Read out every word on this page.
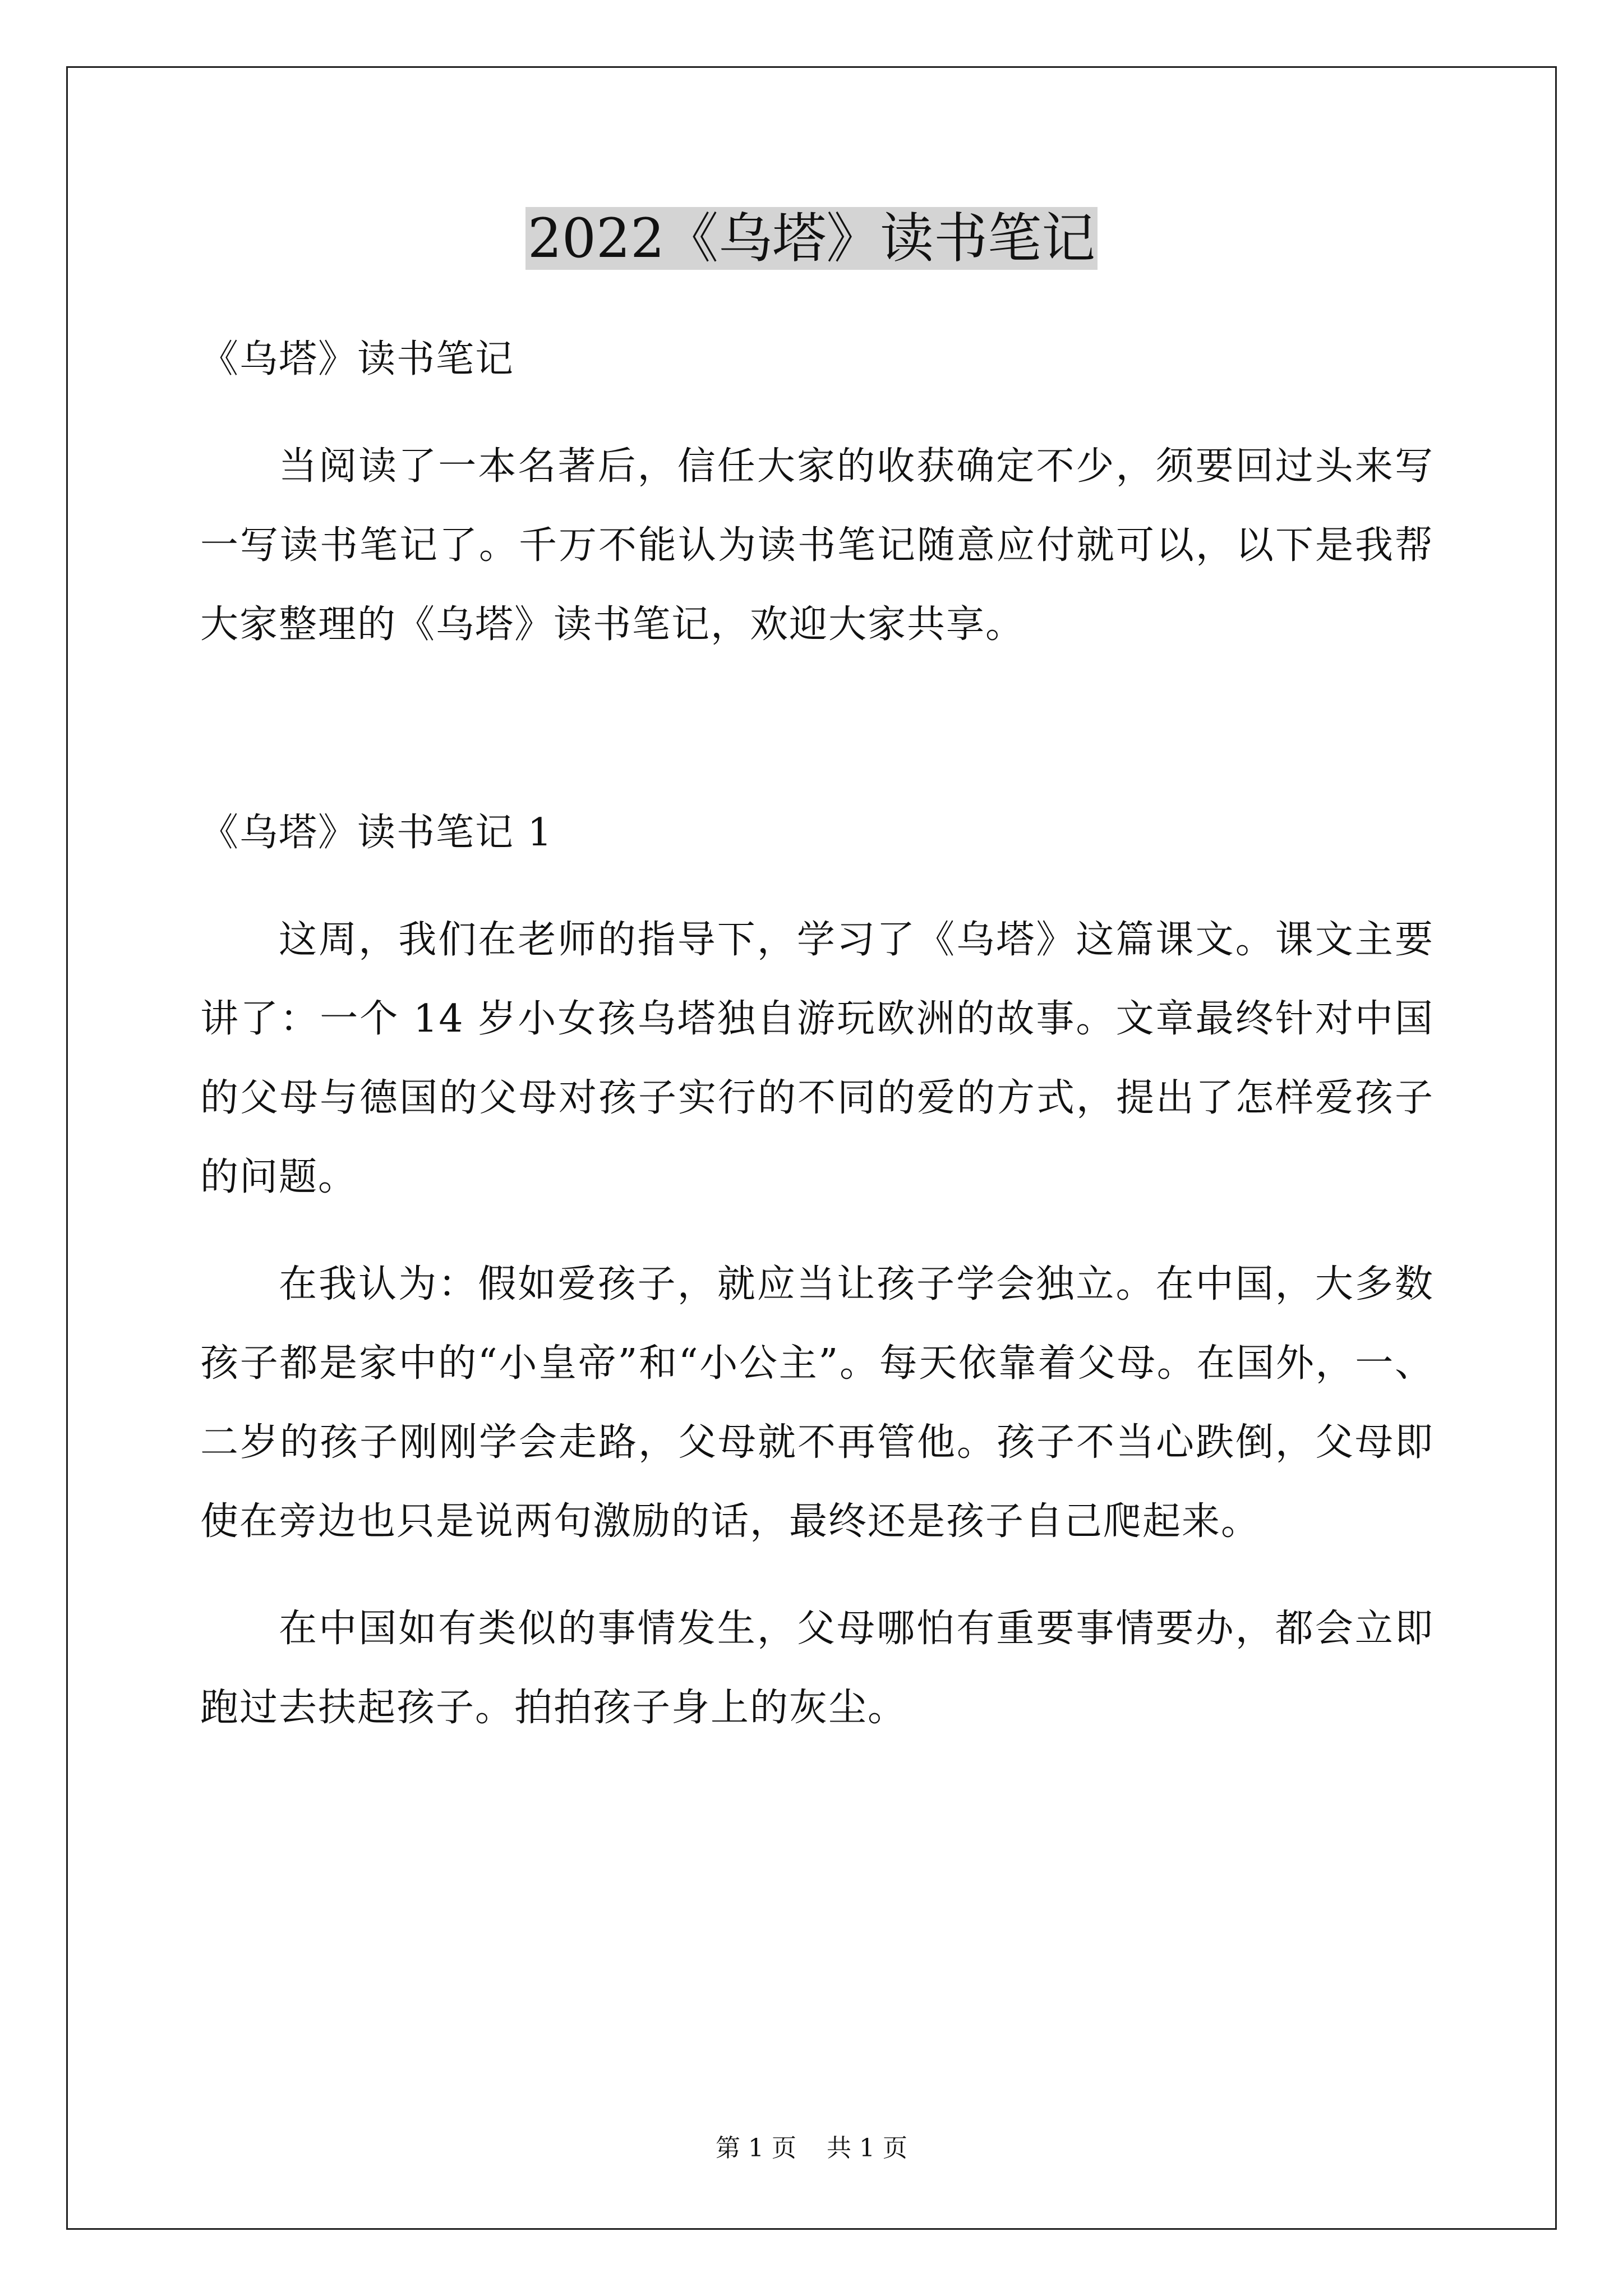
2022《乌塔》读书笔记

《乌塔》读书笔记

当阅读了一本名著后，信任大家的收获确定不少，须要回过头来写一写读书笔记了。千万不能认为读书笔记随意应付就可以，以下是我帮大家整理的《乌塔》读书笔记，欢迎大家共享。

《乌塔》读书笔记 1

这周，我们在老师的指导下，学习了《乌塔》这篇课文。课文主要讲了：一个 14 岁小女孩乌塔独自游玩欧洲的故事。文章最终针对中国的父母与德国的父母对孩子实行的不同的爱的方式，提出了怎样爱孩子的问题。

在我认为：假如爱孩子，就应当让孩子学会独立。在中国，大多数孩子都是家中的“小皇帝”和“小公主”。每天依靠着父母。在国外，一、二岁的孩子刚刚学会走路，父母就不再管他。孩子不当心跌倒，父母即使在旁边也只是说两句激励的话，最终还是孩子自己爬起来。

在中国如有类似的事情发生，父母哪怕有重要事情要办，都会立即跑过去扶起孩子。拍拍孩子身上的灰尘。

第 1 页 共 1 页
